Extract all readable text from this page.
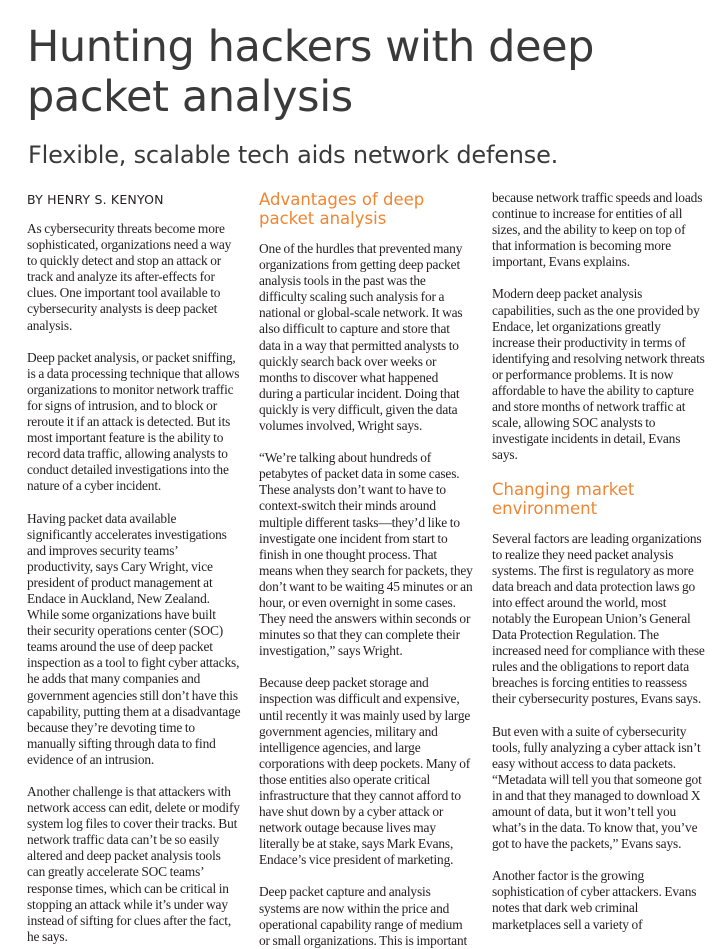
Hunting hackers with deep packet analysis
Flexible, scalable tech aids network defense.
BY HENRY S. KENYON

As cybersecurity threats become more sophisticated, organizations need a way to quickly detect and stop an attack or track and analyze its after-effects for clues. One important tool available to cybersecurity analysts is deep packet analysis.

Deep packet analysis, or packet sniffing, is a data processing technique that allows organizations to monitor network traffic for signs of intrusion, and to block or reroute it if an attack is detected. But its most important feature is the ability to record data traffic, allowing analysts to conduct detailed investigations into the nature of a cyber incident.

Having packet data available significantly accelerates investigations and improves security teams’ productivity, says Cary Wright, vice president of product management at Endace in Auckland, New Zealand. While some organizations have built their security operations center (SOC) teams around the use of deep packet inspection as a tool to fight cyber attacks, he adds that many companies and government agencies still don’t have this capability, putting them at a disadvantage because they’re devoting time to manually sifting through data to find evidence of an intrusion.

Another challenge is that attackers with network access can edit, delete or modify system log files to cover their tracks. But network traffic data can’t be so easily altered and deep packet analysis tools can greatly accelerate SOC teams’ response times, which can be critical in stopping an attack while it’s under way instead of sifting for clues after the fact, he says.

Advantages of deep packet analysis

One of the hurdles that prevented many organizations from getting deep packet analysis tools in the past was the difficulty scaling such analysis for a national or global-scale network. It was also difficult to capture and store that data in a way that permitted analysts to quickly search back over weeks or months to discover what happened during a particular incident. Doing that quickly is very difficult, given the data volumes involved, Wright says.

“We’re talking about hundreds of petabytes of packet data in some cases. These analysts don’t want to have to context-switch their minds around multiple different tasks—they’d like to investigate one incident from start to finish in one thought process. That means when they search for packets, they don’t want to be waiting 45 minutes or an hour, or even overnight in some cases. They need the answers within seconds or minutes so that they can complete their investigation,” says Wright.

Because deep packet storage and inspection was difficult and expensive, until recently it was mainly used by large government agencies, military and intelligence agencies, and large corporations with deep pockets. Many of those entities also operate critical infrastructure that they cannot afford to have shut down by a cyber attack or network outage because lives may literally be at stake, says Mark Evans, Endace’s vice president of marketing.

Deep packet capture and analysis systems are now within the price and operational capability range of medium or small organizations. This is important

because network traffic speeds and loads continue to increase for entities of all sizes, and the ability to keep on top of that information is becoming more important, Evans explains.

Modern deep packet analysis capabilities, such as the one provided by Endace, let organizations greatly increase their productivity in terms of identifying and resolving network threats or performance problems. It is now affordable to have the ability to capture and store months of network traffic at scale, allowing SOC analysts to investigate incidents in detail, Evans says.

Changing market environment

Several factors are leading organizations to realize they need packet analysis systems. The first is regulatory as more data breach and data protection laws go into effect around the world, most notably the European Union’s General Data Protection Regulation. The increased need for compliance with these rules and the obligations to report data breaches is forcing entities to reassess their cybersecurity postures, Evans says.

But even with a suite of cybersecurity tools, fully analyzing a cyber attack isn’t easy without access to data packets. “Metadata will tell you that someone got in and that they managed to download X amount of data, but it won’t tell you what’s in the data. To know that, you’ve got to have the packets,” Evans says.

Another factor is the growing sophistication of cyber attackers. Evans notes that dark web criminal marketplaces sell a variety of
